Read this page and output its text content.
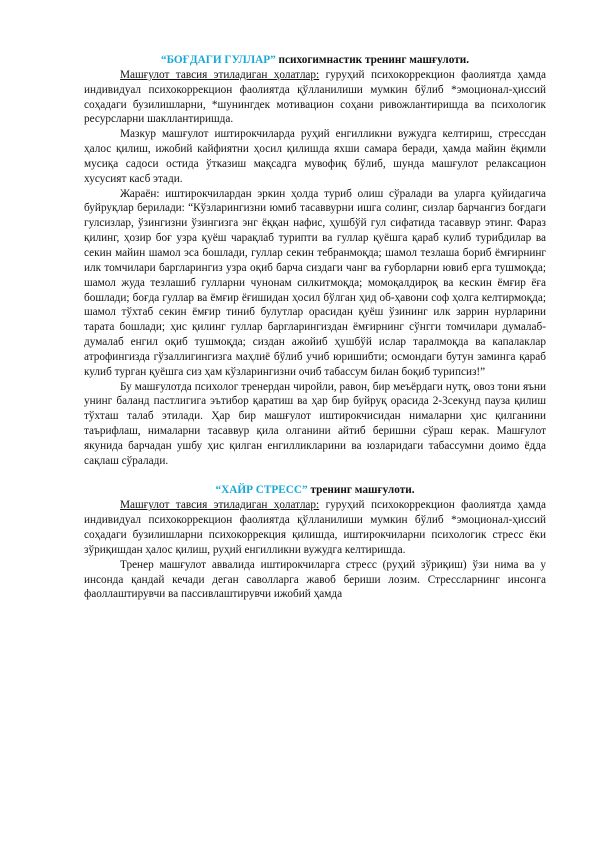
“БОҒДАГИ ГУЛЛАР” психогимнастик тренинг машғулоти.

Машғулот тавсия этиладиган ҳолатлар: гуруҳий психокоррекцион фаолиятда ҳамда индивидуал психокоррекцион фаолиятда қўлланилиши мумкин бўлиб *эмоционал-ҳиссий соҳадаги бузилишларни, *шунингдек мотивацион соҳани ривожлантиришда ва психологик ресурсларни шакллантиришда.

Мазкур машғулот иштирокчиларда руҳий енгилликни вужудга келтириш, стрессдан ҳалос қилиш, ижобий кайфиятни ҳосил қилишда яхши самара беради, ҳамда майин ёқимли мусиқа садоси остида ўтказиш мақсадга мувофиқ бўлиб, шунда машғулот релаксацион хусусият касб этади.

Жараён: иштирокчилардан эркин ҳолда туриб олиш сўралади ва уларга қуйидагича буйруқлар берилади: “Кўзларингизни юмиб тасаввурни ишга солинг, сизлар барчангиз боғдаги гулсизлар, ўзингизни ўзингизга энг ёққан нафис, ҳушбўй гул сифатида тасаввур этинг. Фараз қилинг, ҳозир боғ узра қуёш чарақлаб турипти ва гуллар қуёшга қараб кулиб турибдилар ва секин майин шамол эса бошлади, гуллар секин тебранмоқда; шамол тезлаша бориб ёмғирнинг илк томчилари баргларингиз узра оқиб барча сиздаги чанг ва ғуборларни ювиб ерга тушмоқда; шамол жуда тезлашиб гулларни чунонам силкитмоқда; момоқалдироқ ва кескин ёмғир ёға бошлади; боғда гуллар ва ёмғир ёғишидан ҳосил бўлган ҳид об-ҳавони соф ҳолга келтирмоқда; шамол тўхтаб секин ёмғир тиниб булутлар орасидан қуёш ўзининг илк заррин нурларини тарата бошлади; ҳис қилинг гуллар баргларингиздан ёмғирнинг сўнгги томчилари думалаб- думалаб енгил оқиб тушмоқда; сиздан ажойиб ҳушбўй ислар таралмоқда ва капалаклар атрофингизда гўзаллигингизга маҳлиё бўлиб учиб юришибти; осмондаги бутун заминга қараб кулиб турган қуёшга сиз ҳам кўзларингизни очиб табассум билан боқиб турипсиз!”

Бу машғулотда психолог тренердан чиройли, равон, бир меъёрдаги нутқ, овоз тони яъни унинг баланд пастлигига эътибор қаратиш ва ҳар бир буйруқ орасида 2-3секунд пауза қилиш тўхташ талаб этилади. Ҳар бир машғулот иштирокчисидан нималарни ҳис қилганини таърифлаш, нималарни тасаввур қила олганини айтиб беришни сўраш керак. Машғулот якунида барчадан ушбу ҳис қилган енгилликларини ва юзларидаги табассумни доимо ёдда сақлаш сўралади.

“ХАЙР СТРЕСС” тренинг машғулоти.

Машғулот тавсия этиладиган ҳолатлар: гуруҳий психокоррекцион фаолиятда ҳамда индивидуал психокоррекцион фаолиятда қўлланилиши мумкин бўлиб *эмоционал-ҳиссий соҳадаги бузилишларни психокоррекция қилишда, иштирокчиларни психологик стресс ёки зўриқишдан ҳалос қилиш, руҳий енгилликни вужудга келтиришда.

Тренер машғулот аввалида иштирокчиларга стресс (руҳий зўриқиш) ўзи нима ва у инсонда қандай кечади деган саволларга жавоб бериши лозим. Стрессларнинг инсонга фаоллаштирувчи ва пассивлаштирувчи ижобий ҳамда
